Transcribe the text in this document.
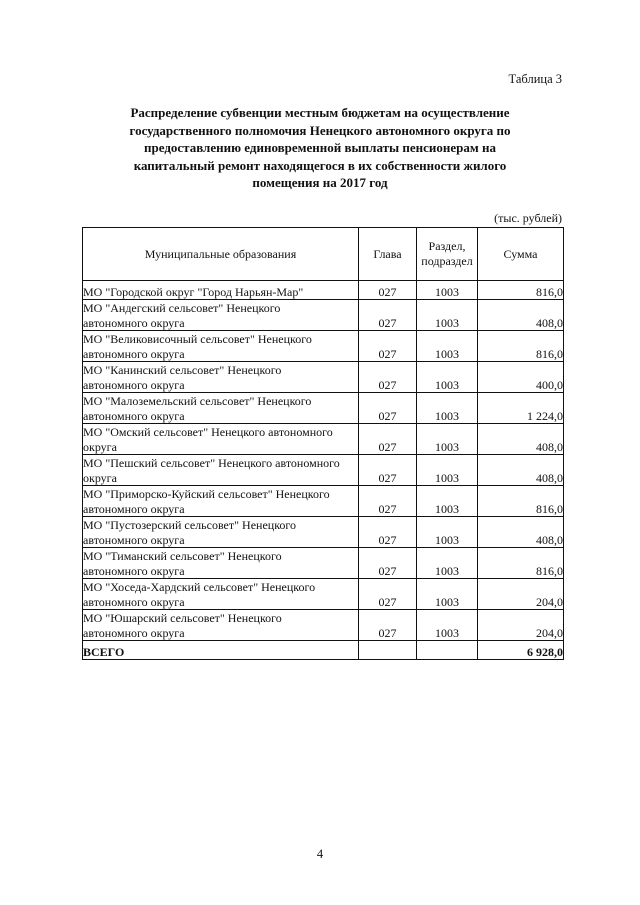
Таблица 3
Распределение субвенции местным бюджетам на осуществление
государственного полномочия Ненецкого автономного округа по
предоставлению единовременной выплаты пенсионерам на
капитальный ремонт находящегося в их собственности жилого
помещения на 2017 год
(тыс. рублей)
Муниципальные образования	Глава	Раздел,
подраздел	Сумма

МО "Городской округ "Город Нарьян-Мар"	027	1003	816,0

МО "Андегский сельсовет" Ненецкого
автономного округа	027	1003	408,0

МО "Великовисочный сельсовет" Ненецкого
автономного округа	027	1003	816,0

МО "Канинский сельсовет" Ненецкого
автономного округа	027	1003	400,0

МО "Малоземельский сельсовет" Ненецкого
автономного округа	027	1003	1 224,0

МО "Омский сельсовет" Ненецкого автономного
округа	027	1003	408,0

МО "Пешский сельсовет" Ненецкого автономного
округа	027	1003	408,0

МО "Приморско-Куйский сельсовет" Ненецкого
автономного округа	027	1003	816,0

МО "Пустозерский сельсовет" Ненецкого
автономного округа	027	1003	408,0

МО "Тиманский сельсовет" Ненецкого
автономного округа	027	1003	816,0

МО "Хоседа-Хардский сельсовет" Ненецкого
автономного округа	027	1003	204,0

МО "Юшарский сельсовет" Ненецкого
автономного округа	027	1003	204,0
ВСЕГО			6 928,0
4
